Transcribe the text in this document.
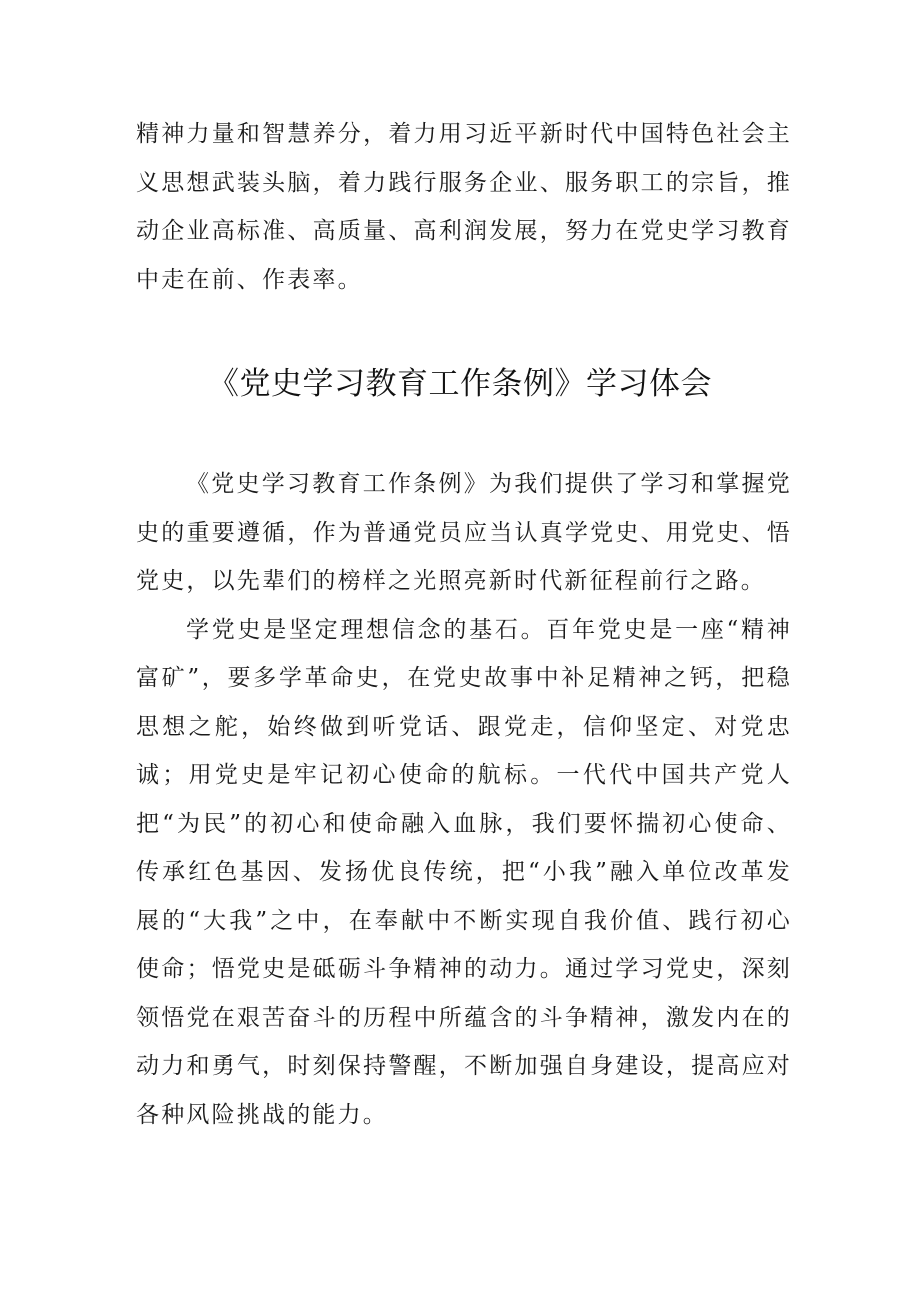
精神力量和智慧养分，着力用习近平新时代中国特色社会主义思想武装头脑，着力践行服务企业、服务职工的宗旨，推动企业高标准、高质量、高利润发展，努力在党史学习教育中走在前、作表率。

《党史学习教育工作条例》学习体会

《党史学习教育工作条例》为我们提供了学习和掌握党史的重要遵循，作为普通党员应当认真学党史、用党史、悟党史，以先辈们的榜样之光照亮新时代新征程前行之路。

学党史是坚定理想信念的基石。百年党史是一座“精神富矿”，要多学革命史，在党史故事中补足精神之钙，把稳思想之舵，始终做到听党话、跟党走，信仰坚定、对党忠诚；用党史是牢记初心使命的航标。一代代中国共产党人把“为民”的初心和使命融入血脉，我们要怀揣初心使命、传承红色基因、发扬优良传统，把“小我”融入单位改革发展的“大我”之中，在奉献中不断实现自我价值、践行初心使命；悟党史是砥砺斗争精神的动力。通过学习党史，深刻领悟党在艰苦奋斗的历程中所蕴含的斗争精神，激发内在的动力和勇气，时刻保持警醒，不断加强自身建设，提高应对各种风险挑战的能力。
